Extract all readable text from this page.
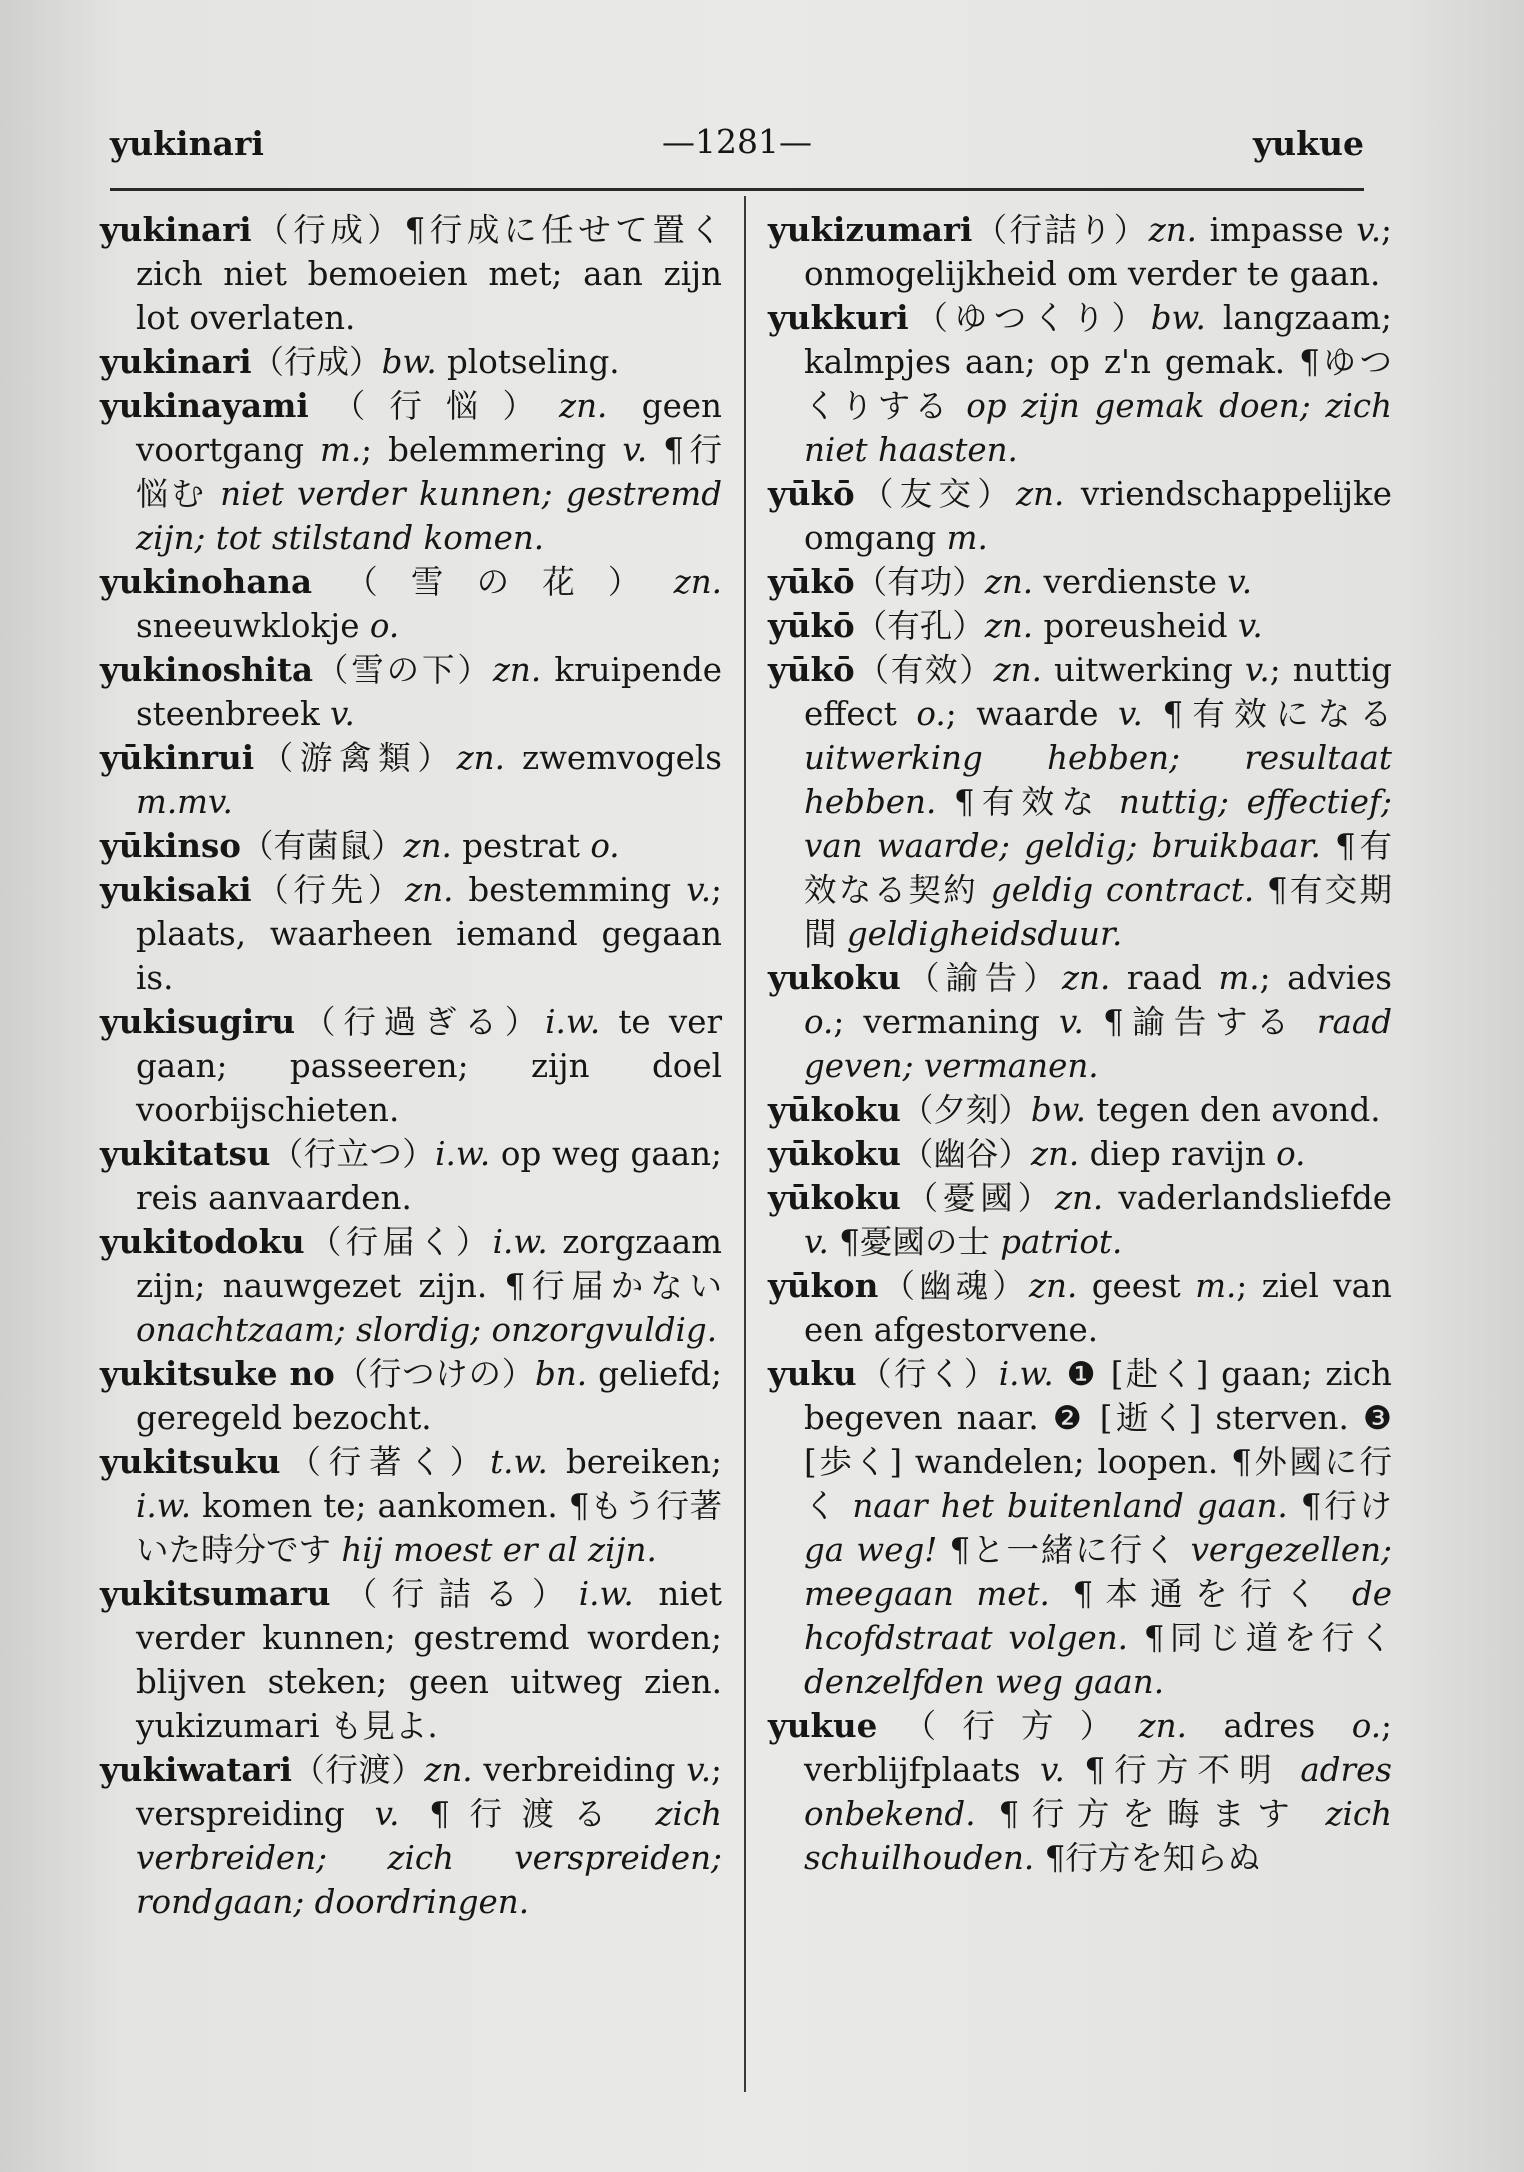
yukinari	—1281—	yukue

yukinari（行成）¶行成に任せて置く zich niet bemoeien met; aan zijn lot overlaten.

yukinari（行成）bw. plotseling.

yukinayami（行悩）zn. geen voortgang m.; belemmering v. ¶行悩む niet verder kunnen; gestremd zijn; tot stilstand komen.

yukinohana（雪の花）zn. sneeuwklokje o.

yukinoshita（雪の下）zn. kruipende steenbreek v.

yūkinrui（游禽類）zn. zwemvogels m.mv.

yūkinso（有菌鼠）zn. pestrat o.

yukisaki（行先）zn. bestemming v.; plaats, waarheen iemand gegaan is.

yukisugiru（行過ぎる）i.w. te ver gaan; passeeren; zijn doel voorbijschieten.

yukitatsu（行立つ）i.w. op weg gaan; reis aanvaarden.

yukitodoku（行届く）i.w. zorgzaam zijn; nauwgezet zijn. ¶行届かない onachtzaam; slordig; onzorgvuldig.

yukitsuke no（行つけの）bn. geliefd; geregeld bezocht.

yukitsuku（行著く）t.w. bereiken; i.w. komen te; aankomen. ¶もう行著いた時分です hij moest er al zijn.

yukitsumaru（行詰る）i.w. niet verder kunnen; gestremd worden; blijven steken; geen uitweg zien. yukizumari も見よ.

yukiwatari（行渡）zn. verbreiding v.; verspreiding v. ¶行渡る zich verbreiden; zich verspreiden; rondgaan; doordringen.

yukizumari（行詰り）zn. impasse v.; onmogelijkheid om verder te gaan.

yukkuri（ゆつくり）bw. langzaam; kalmpjes aan; op z'n gemak. ¶ゆつくりする op zijn gemak doen; zich niet haasten.

yūkō（友交）zn. vriendschappelijke omgang m.

yūkō（有功）zn. verdienste v.

yūkō（有孔）zn. poreusheid v.

yūkō（有效）zn. uitwerking v.; nuttig effect o.; waarde v. ¶有效になる uitwerking hebben; resultaat hebben. ¶有效な nuttig; effectief; van waarde; geldig; bruikbaar. ¶有效なる契約 geldig contract. ¶有交期間 geldigheidsduur.

yukoku（諭告）zn. raad m.; advies o.; vermaning v. ¶諭告する raad geven; vermanen.

yūkoku（夕刻）bw. tegen den avond.

yūkoku（幽谷）zn. diep ravijn o.

yūkoku（憂國）zn. vaderlandsliefde v. ¶憂國の士 patriot.

yūkon（幽魂）zn. geest m.; ziel van een afgestorvene.

yuku（行く）i.w. ❶ [赴く] gaan; zich begeven naar. ❷ [逝く] sterven. ❸ [歩く] wandelen; loopen. ¶外國に行く naar het buitenland gaan. ¶行け ga weg! ¶と一緒に行く vergezellen; meegaan met. ¶本通を行く de hcofdstraat volgen. ¶同じ道を行く denzelfden weg gaan.

yukue（行方）zn. adres o.; verblijfplaats v. ¶行方不明 adres onbekend. ¶行方を晦ます zich schuilhouden. ¶行方を知らぬ
